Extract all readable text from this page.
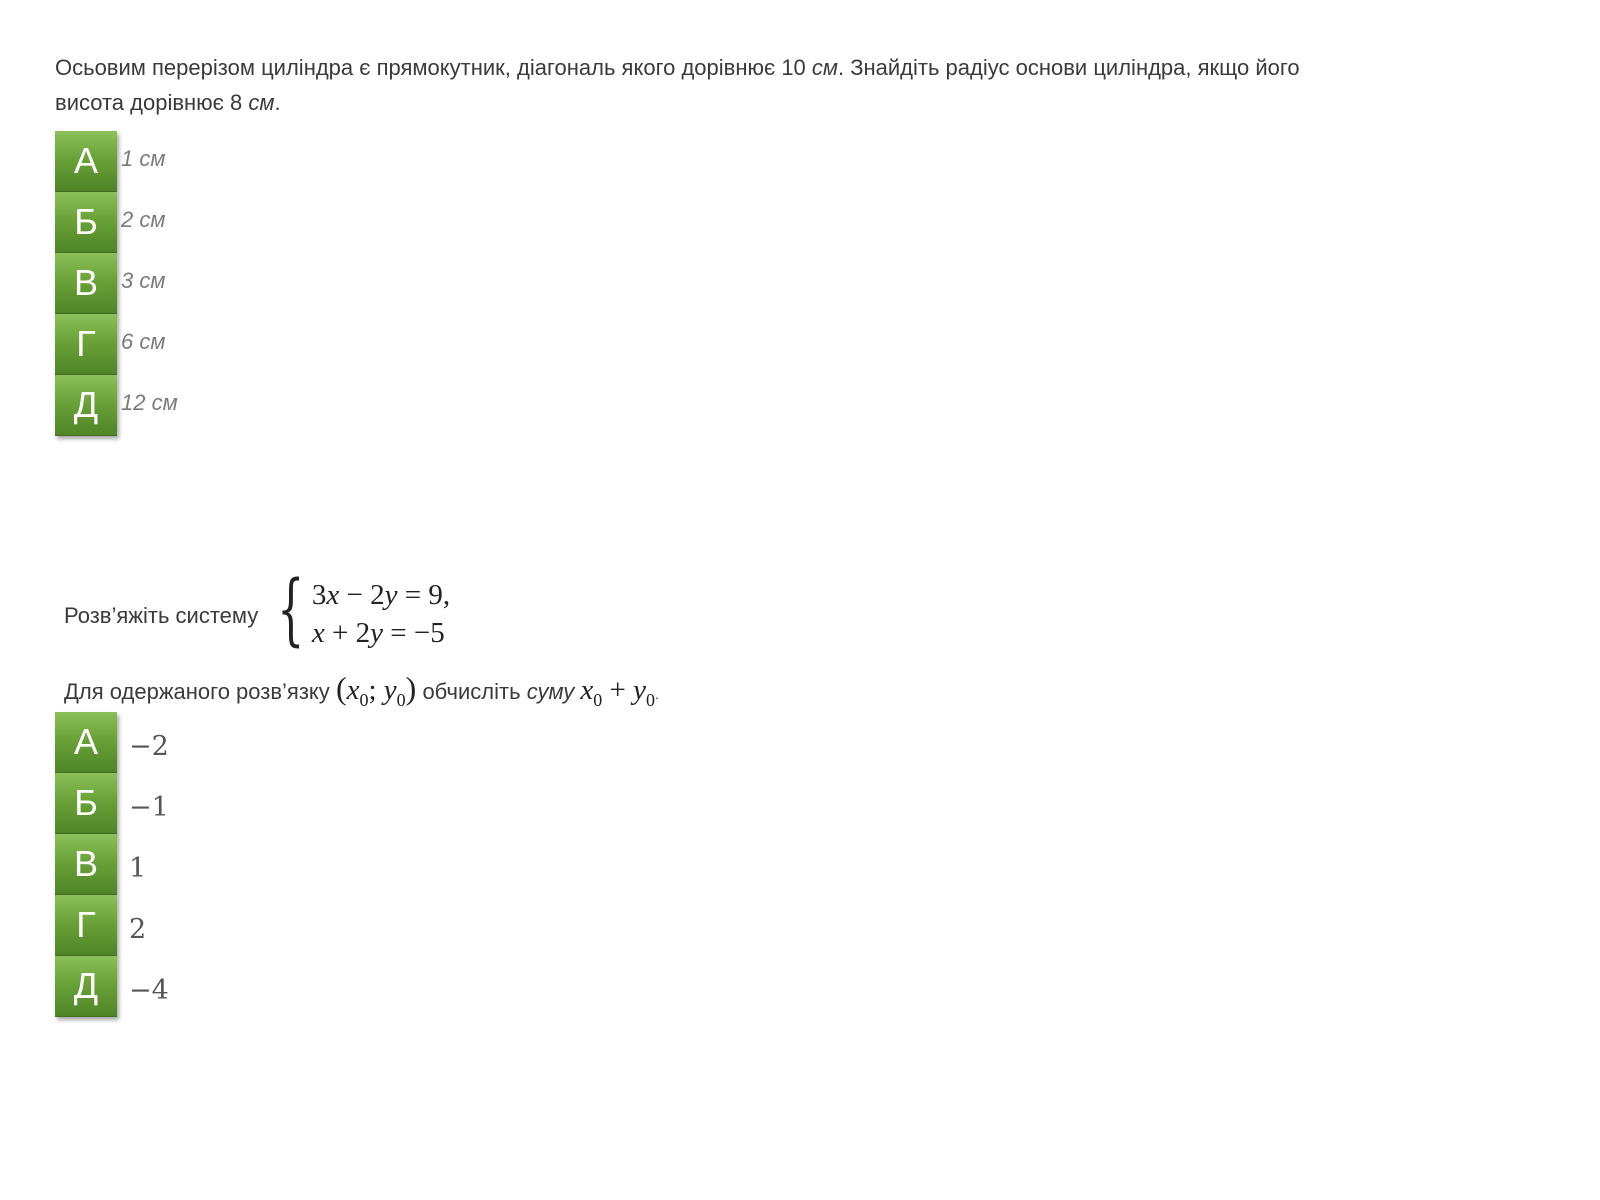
Осьовим перерізом циліндра є прямокутник, діагональ якого дорівнює 10 см. Знайдіть радіус основи циліндра, якщо його висота дорівнює 8 см.
А	1 см
Б	2 см
В	3 см
Г	6 см
Д	12 см
Розв’яжіть систему { 3x − 2y = 9,
x + 2y = −5
Для одержаного розв’язку
($x_0$; $y_0$)
обчисліть
суму
$x_0 + y_0$ .
А	−2
Б	−1
В	1
Г	2
Д	−4
